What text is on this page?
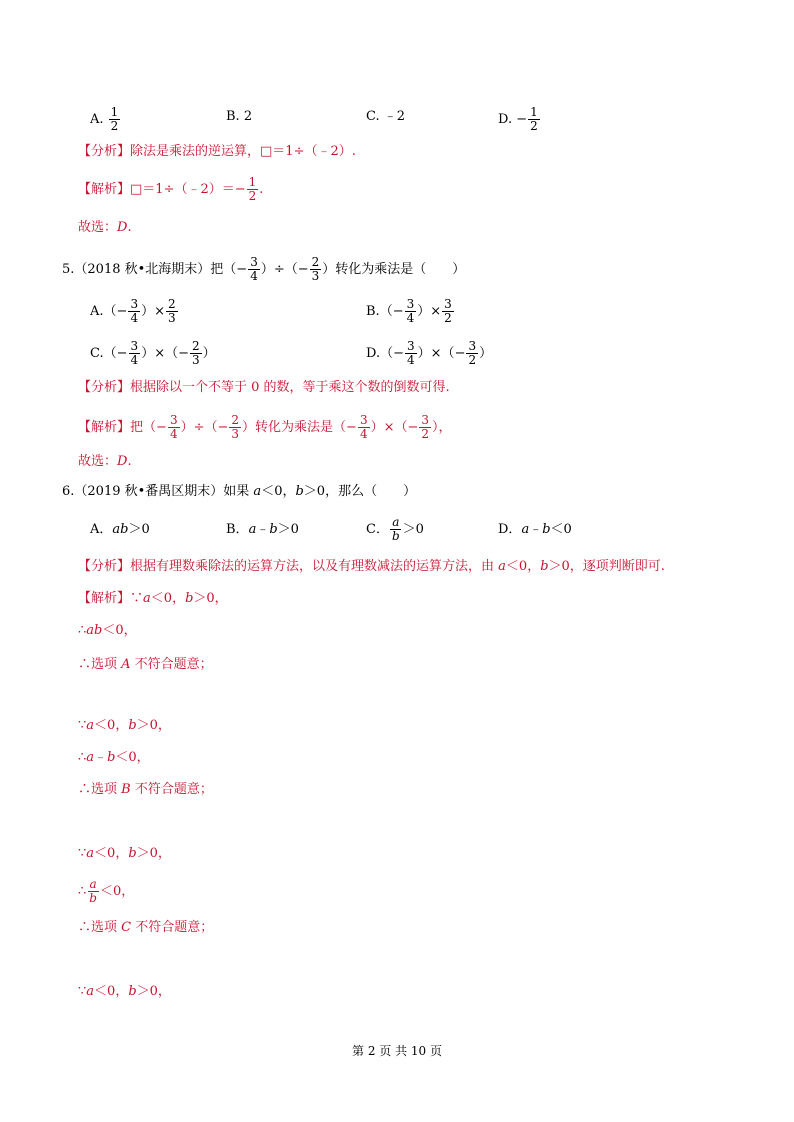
A. $\frac{1}{2}$	B. 2	C. ﹣2	D. − $\frac{1}{2}$
【分析】除法是乘法的逆运算，□＝1÷（﹣2）.
【解析】□＝1÷（﹣2）＝− $\frac{1}{2}$ .
故选：D.
5.（2018 秋•北海期末）把（− $\frac{3}{4}$ ）÷（− $\frac{2}{3}$ ）转化为乘法是（　　）
$A.(- \frac{3}{4}$ ）× $\frac{2}{3}$	$B.(- \frac{3}{4}$ ）× $\frac{3}{2}$
$C.(- \frac{3}{4}$ ）×（− $\frac{2}{3}$ ）	$D.(- \frac{3}{4}$ ）×（− $\frac{3}{2}$ ）
【分析】根据除以一个不等于 0 的数，等于乘这个数的倒数可得.
【解析】把（− $\frac{3}{4}$ ）÷（− $\frac{2}{3}$ ）转化为乘法是（− $\frac{3}{4}$ ）×（− $\frac{3}{2}$ ），
故选：D.
6.（2019 秋•番禺区期末）如果 a＜0，b＞0，那么（　　）
A．ab＞0	B．a﹣b＞0	C． $\frac{a}{b} >0$	D．a﹣b＜0
【分析】根据有理数乘除法的运算方法，以及有理数减法的运算方法，由 a＜0，b＞0，逐项判断即可.
【解析】∵a＜0，b＞0，
∴ab＜0，
∴选项 A 不符合题意；
∵a＜0，b＞0，
∴a﹣b＜0，
∴选项 B 不符合题意；
∵a＜0，b＞0，
∴ $\frac{a}{b} <0$，
∴选项 C 不符合题意；
∵a＜0，b＞0，
第 2 页 共 10 页
